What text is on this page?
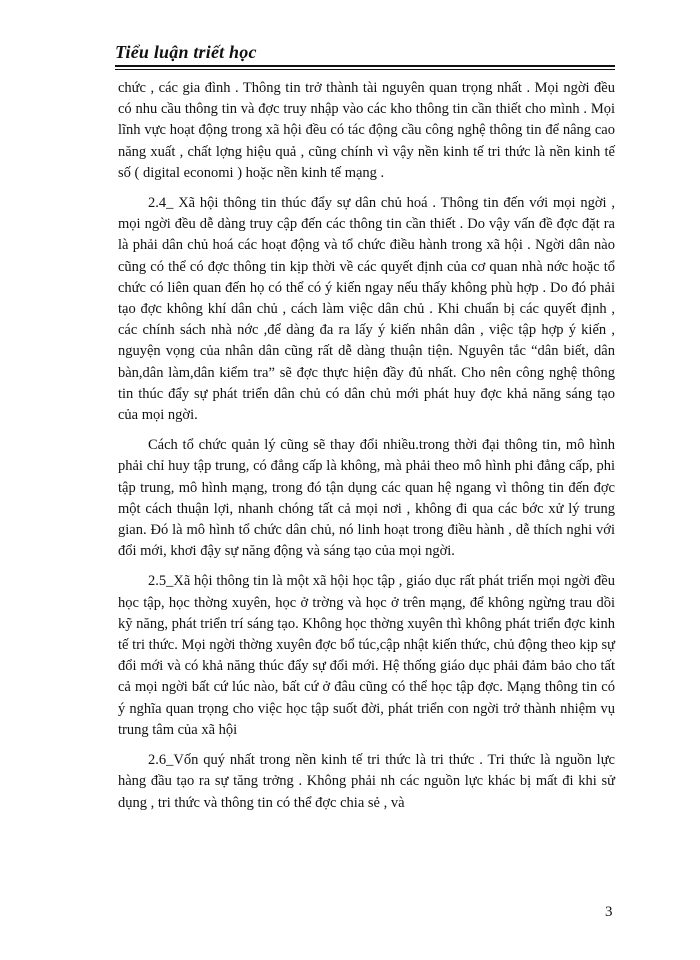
Tiểu luận triết học

chức , các gia đình . Thông tin trở thành tài nguyên quan trọng nhất . Mọi ngời đều có nhu cầu thông tin và đợc truy nhập vào các kho thông tin cần thiết cho mình . Mọi lĩnh vực hoạt động trong xã hội đều có tác động cầu công nghệ thông tin để nâng cao năng xuất , chất lợng hiệu quả , cũng chính vì vậy nền kinh tế tri thức là nền kinh tế số ( digital economi ) hoặc nền kinh tế mạng .

2.4_ Xã hội thông tin thúc đẩy sự dân chủ hoá . Thông tin đến với mọi ngời , mọi ngời đều dễ dàng truy cập đến các thông tin cần thiết . Do vậy vấn đề đợc đặt ra là phải dân chủ hoá các hoạt động và tổ chức điều hành trong xã hội . Ngời dân nào cũng có thể có đợc thông tin kịp thời về các quyết định của cơ quan nhà nớc hoặc tổ chức có liên quan đến họ có thể có ý kiến ngay nếu thấy không phù hợp . Do đó phải tạo đợc không khí dân chủ , cách làm việc dân chủ . Khi chuẩn bị các quyết định , các chính sách nhà nớc ,để dàng đa ra lấy ý kiến nhân dân , việc tập hợp ý kiến , nguyện vọng của nhân dân cũng rất dễ dàng thuận tiện. Nguyên tắc “dân biết, dân bàn,dân làm,dân kiểm tra” sẽ đợc thực hiện đầy đủ nhất. Cho nên công nghệ thông tin thúc đẩy sự phát triển dân chủ có dân chủ mới phát huy đợc khả năng sáng tạo của mọi ngời.

Cách tổ chức quản lý cũng sẽ thay đổi nhiều.trong thời đại thông tin, mô hình phải chỉ huy tập trung, có đẳng cấp là không, mà phải theo mô hình phi đẳng cấp, phi tập trung, mô hình mạng, trong đó tận dụng các quan hệ ngang vì thông tin đến đợc một cách thuận lợi, nhanh chóng tất cả mọi nơi , không đi qua các bớc xử lý trung gian. Đó là mô hình tổ chức dân chủ, nó linh hoạt trong điều hành , dễ thích nghi với đổi mới, khơi đậy sự năng động và sáng tạo của mọi ngời.

2.5_Xã hội thông tin là một xã hội học tập , giáo dục rất phát triển mọi ngời đều học tập, học thờng xuyên, học ở trờng và học ở trên mạng, để không ngừng trau dồi kỹ năng, phát triển trí sáng tạo. Không học thờng xuyên thì không phát triển đợc kinh tế tri thức. Mọi ngời thờng xuyên đợc bổ túc,cập nhật kiến thức, chủ động theo kịp sự đổi mới và có khả năng thúc đẩy sự đổi mới. Hệ thống giáo dục phải đảm bảo cho tất cả mọi ngời bất cứ lúc nào, bất cứ ở đâu cũng có thể học tập đợc. Mạng thông tin có ý nghĩa quan trọng cho việc học tập suốt đời, phát triển con ngời trở thành nhiệm vụ trung tâm của xã hội

2.6_Vốn quý nhất trong nền kinh tế tri thức là tri thức . Tri thức là nguồn lực hàng đầu tạo ra sự tăng trởng . Không phải nh các nguồn lực khác bị mất đi khi sử dụng , tri thức và thông tin có thể đợc chia sẻ , và

3
